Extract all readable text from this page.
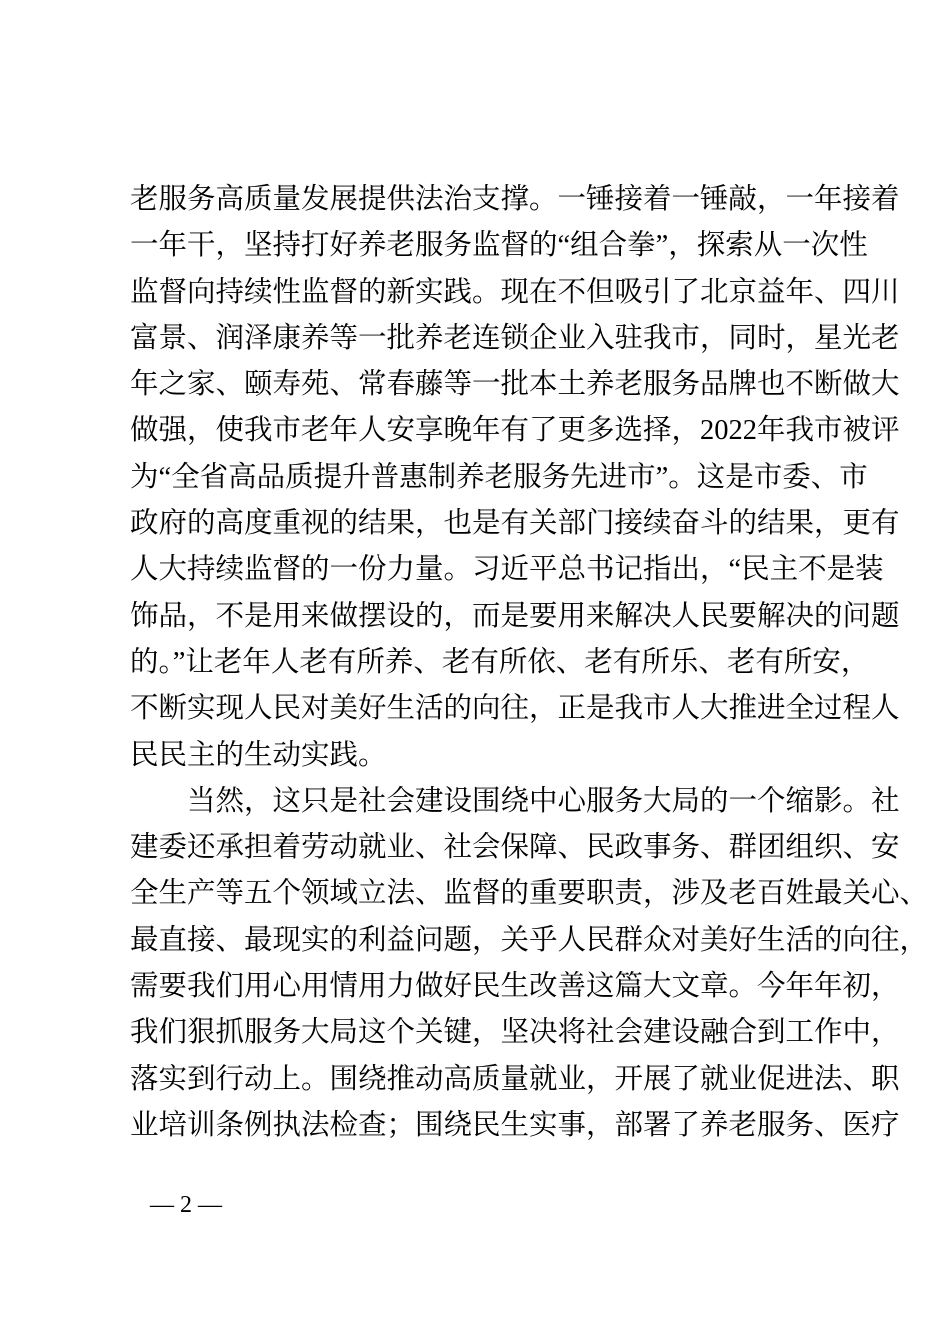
老服务高质量发展提供法治支撑。一锤接着一锤敲，一年接着
一年干，坚持打好养老服务监督的“组合拳”，探索从一次性
监督向持续性监督的新实践。现在不但吸引了北京益年、四川
富景、润泽康养等一批养老连锁企业入驻我市，同时，星光老
年之家、颐寿苑、常春藤等一批本土养老服务品牌也不断做大
做强，使我市老年人安享晚年有了更多选择，2022年我市被评
为“全省高品质提升普惠制养老服务先进市”。这是市委、市
政府的高度重视的结果，也是有关部门接续奋斗的结果，更有
人大持续监督的一份力量。习近平总书记指出，“民主不是装
饰品，不是用来做摆设的，而是要用来解决人民要解决的问题
的。”让老年人老有所养、老有所依、老有所乐、老有所安，
不断实现人民对美好生活的向往，正是我市人大推进全过程人
民民主的生动实践。
当然，这只是社会建设围绕中心服务大局的一个缩影。社
建委还承担着劳动就业、社会保障、民政事务、群团组织、安
全生产等五个领域立法、监督的重要职责，涉及老百姓最关心、
最直接、最现实的利益问题，关乎人民群众对美好生活的向往，
需要我们用心用情用力做好民生改善这篇大文章。今年年初，
我们狠抓服务大局这个关键，坚决将社会建设融合到工作中，
落实到行动上。围绕推动高质量就业，开展了就业促进法、职
业培训条例执法检查；围绕民生实事，部署了养老服务、医疗
— 2 —
